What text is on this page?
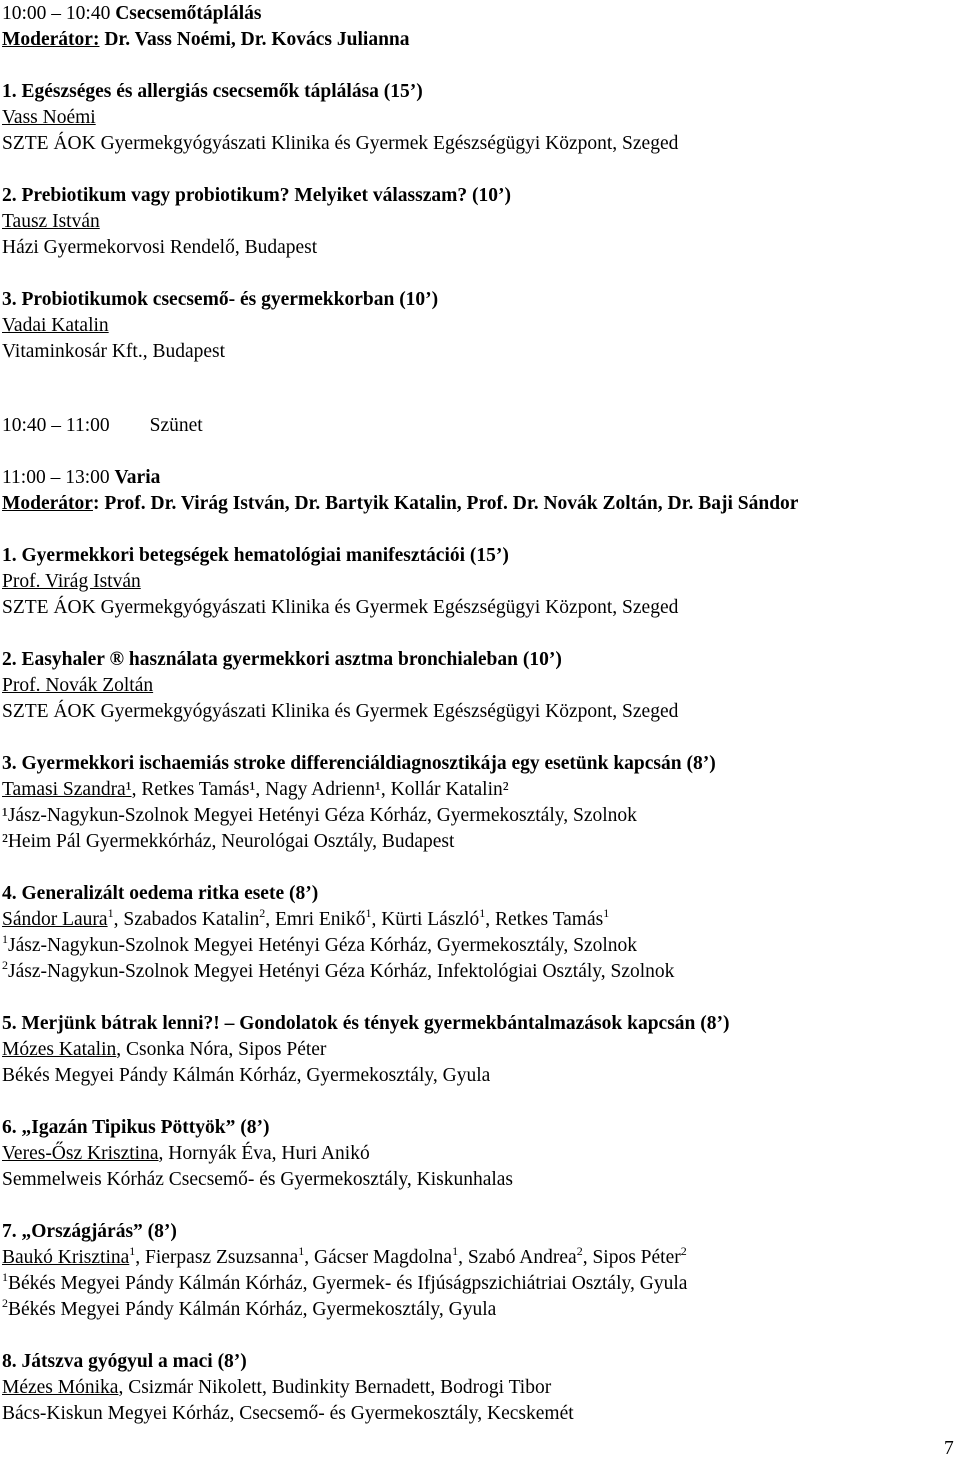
10:00 – 10:40 Csecsemőtáplálás
Moderátor: Dr. Vass Noémi, Dr. Kovács Julianna
1. Egészséges és allergiás csecsemők táplálása (15’)
Vass Noémi
SZTE ÁOK Gyermekgyógyászati Klinika és Gyermek Egészségügyi Központ, Szeged
2. Prebiotikum vagy probiotikum? Melyiket válasszam? (10’)
Tausz István
Házi Gyermekorvosi Rendelő, Budapest
3. Probiotikumok csecsemő- és gyermekkorban (10’)
Vadai Katalin
Vitaminkosár Kft., Budapest
10:40 – 11:00 Szünet
11:00 – 13:00 Varia
Moderátor: Prof. Dr. Virág István, Dr. Bartyik Katalin, Prof. Dr. Novák Zoltán, Dr. Baji Sándor
1. Gyermekkori betegségek hematológiai manifesztációi (15’)
Prof. Virág István
SZTE ÁOK Gyermekgyógyászati Klinika és Gyermek Egészségügyi Központ, Szeged
2. Easyhaler ® használata gyermekkori asztma bronchialeban (10’)
Prof. Novák Zoltán
SZTE ÁOK Gyermekgyógyászati Klinika és Gyermek Egészségügyi Központ, Szeged
3. Gyermekkori ischaemiás stroke differenciáldiagnosztikája egy esetünk kapcsán (8’)
Tamasi Szandra¹, Retkes Tamás¹, Nagy Adrienn¹, Kollár Katalin²
¹Jász-Nagykun-Szolnok Megyei Hetényi Géza Kórház, Gyermekosztály, Szolnok
²Heim Pál Gyermekkórház, Neurológai Osztály, Budapest
4. Generalizált oedema ritka esete (8’)
Sándor Laura$^1$, Szabados Katalin$^2$, Emri Enikő$^1$, Kürti László$^1$, Retkes Tamás$^1$
$^1$Jász-Nagykun-Szolnok Megyei Hetényi Géza Kórház, Gyermekosztály, Szolnok
$^2$Jász-Nagykun-Szolnok Megyei Hetényi Géza Kórház, Infektológiai Osztály, Szolnok
5. Merjünk bátrak lenni?! – Gondolatok és tények gyermekbántalmazások kapcsán (8’)
Mózes Katalin, Csonka Nóra, Sipos Péter
Békés Megyei Pándy Kálmán Kórház, Gyermekosztály, Gyula
6. „Igazán Tipikus Pöttyök” (8’)
Veres-Ősz Krisztina, Hornyák Éva, Huri Anikó
Semmelweis Kórház Csecsemő- és Gyermekosztály, Kiskunhalas
7. „Országjárás” (8’)
Baukó Krisztina$^1$, Fierpasz Zsuzsanna$^1$, Gácser Magdolna$^1$, Szabó Andrea$^2$, Sipos Péter$^2$
$^1$Békés Megyei Pándy Kálmán Kórház, Gyermek- és Ifjúságpszichiátriai Osztály, Gyula
$^2$Békés Megyei Pándy Kálmán Kórház, Gyermekosztály, Gyula
8. Játszva gyógyul a maci (8’)
Mézes Mónika, Csizmár Nikolett, Budinkity Bernadett, Bodrogi Tibor
Bács-Kiskun Megyei Kórház, Csecsemő- és Gyermekosztály, Kecskemét
7
